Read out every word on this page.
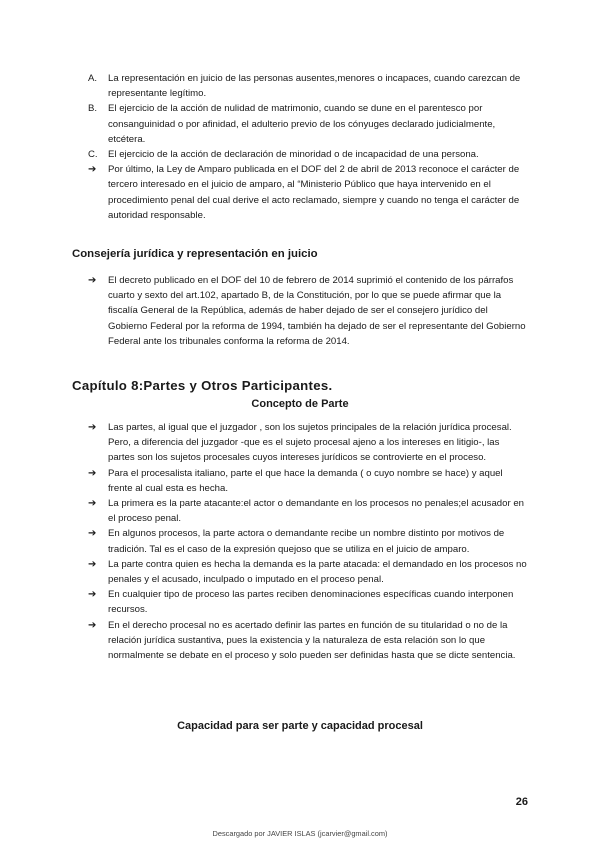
A.	La representación en juicio de las personas ausentes,menores o incapaces, cuando carezcan de representante legítimo.
B.	El ejercicio de la acción de nulidad de matrimonio, cuando se dune en el parentesco por consanguinidad o por afinidad, el adulterio previo de los cónyuges declarado judicialmente, etcétera.
C.	El ejercicio de la acción de declaración de minoridad o de incapacidad de una persona.
➔	Por último, la Ley de Amparo publicada en el DOF del 2 de abril de 2013 reconoce el carácter de tercero interesado en el juicio de amparo, al “Ministerio Público que haya intervenido en el procedimiento penal del cual derive el acto reclamado, siempre y cuando no tenga el carácter de autoridad responsable.
Consejería jurídica y representación en juicio
➔	El decreto publicado en el DOF del 10 de febrero de 2014 suprimió el contenido de los párrafos cuarto y sexto del art.102, apartado B, de la Constitución, por lo que se puede afirmar que la fiscalía General de la República, además de haber dejado de ser el consejero jurídico del Gobierno Federal por la reforma de 1994, también ha dejado de ser el representante del Gobierno Federal ante los tribunales conforma la reforma de 2014.
Capítulo 8:Partes y Otros Participantes.
Concepto de Parte
➔	Las partes, al igual que el juzgador , son los sujetos principales de la relación jurídica procesal. Pero, a diferencia del juzgador -que es el sujeto procesal ajeno a los intereses en litigio-, las partes son los sujetos procesales cuyos intereses jurídicos se controvierte en el proceso.
➔	Para el procesalista italiano, parte el que hace la demanda ( o cuyo nombre se hace) y aquel frente al cual esta es hecha.
➔	La primera es la parte atacante:el actor o demandante en los procesos no penales;el acusador en el proceso penal.
➔	En algunos procesos, la parte actora o demandante recibe un nombre distinto por motivos de tradición. Tal es el caso de la expresión quejoso que se utiliza en el juicio de amparo.
➔	La parte contra quien es hecha la demanda es la parte atacada: el demandado en los procesos no penales y el acusado, inculpado o imputado en el proceso penal.
➔	En cualquier tipo de proceso las partes reciben denominaciones específicas cuando interponen recursos.
➔	En el derecho procesal no es acertado definir las partes en función de su titularidad o no de la relación jurídica sustantiva, pues la existencia y la naturaleza de esta relación son lo que normalmente se debate en el proceso y solo pueden ser definidas hasta que se dicte sentencia.
Capacidad para ser parte y capacidad procesal
26
Descargado por JAVIER ISLAS (jcarvier@gmail.com)
